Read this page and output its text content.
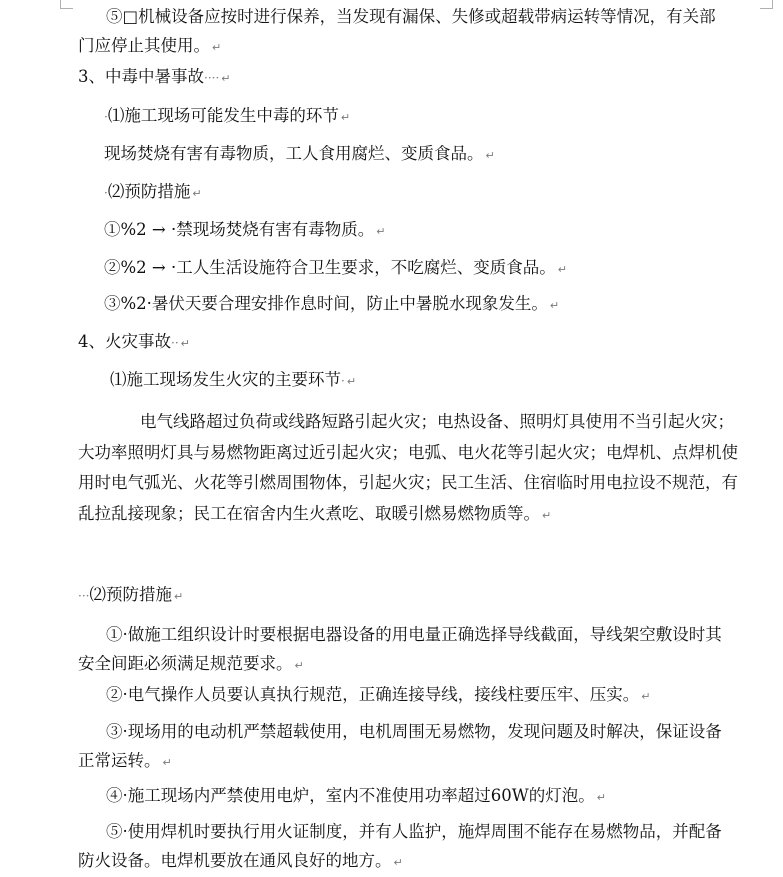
⑤□机械设备应按时进行保养，当发现有漏保、失修或超载带病运转等情况，有关部门应停止其使用。 ↵

3、中毒中暑事故···· ↵

·⑴施工现场可能发生中毒的环节 ↵

现场焚烧有害有毒物质，工人食用腐烂、变质食品。 ↵

·⑵预防措施 ↵

①%2 → ·禁现场焚烧有害有毒物质。 ↵

②%2 → ·工人生活设施符合卫生要求，不吃腐烂、变质食品。 ↵

③%2·暑伏天要合理安排作息时间，防止中暑脱水现象发生。 ↵

4、火灾事故·· ↵

⑴施工现场发生火灾的主要环节· ↵

电气线路超过负荷或线路短路引起火灾；电热设备、照明灯具使用不当引起火灾；大功率照明灯具与易燃物距离过近引起火灾；电弧、电火花等引起火灾；电焊机、点焊机使用时电气弧光、火花等引燃周围物体，引起火灾；民工生活、住宿临时用电拉设不规范，有乱拉乱接现象；民工在宿舍内生火煮吃、取暖引燃易燃物质等。 ↵

···⑵预防措施 ↵

①·做施工组织设计时要根据电器设备的用电量正确选择导线截面，导线架空敷设时其安全间距必须满足规范要求。 ↵

②·电气操作人员要认真执行规范，正确连接导线，接线柱要压牢、压实。 ↵

③·现场用的电动机严禁超载使用，电机周围无易燃物，发现问题及时解决，保证设备正常运转。 ↵

④·施工现场内严禁使用电炉，室内不准使用功率超过60W的灯泡。 ↵

⑤·使用焊机时要执行用火证制度，并有人监护，施焊周围不能存在易燃物品，并配备防火设备。电焊机要放在通风良好的地方。 ↵
